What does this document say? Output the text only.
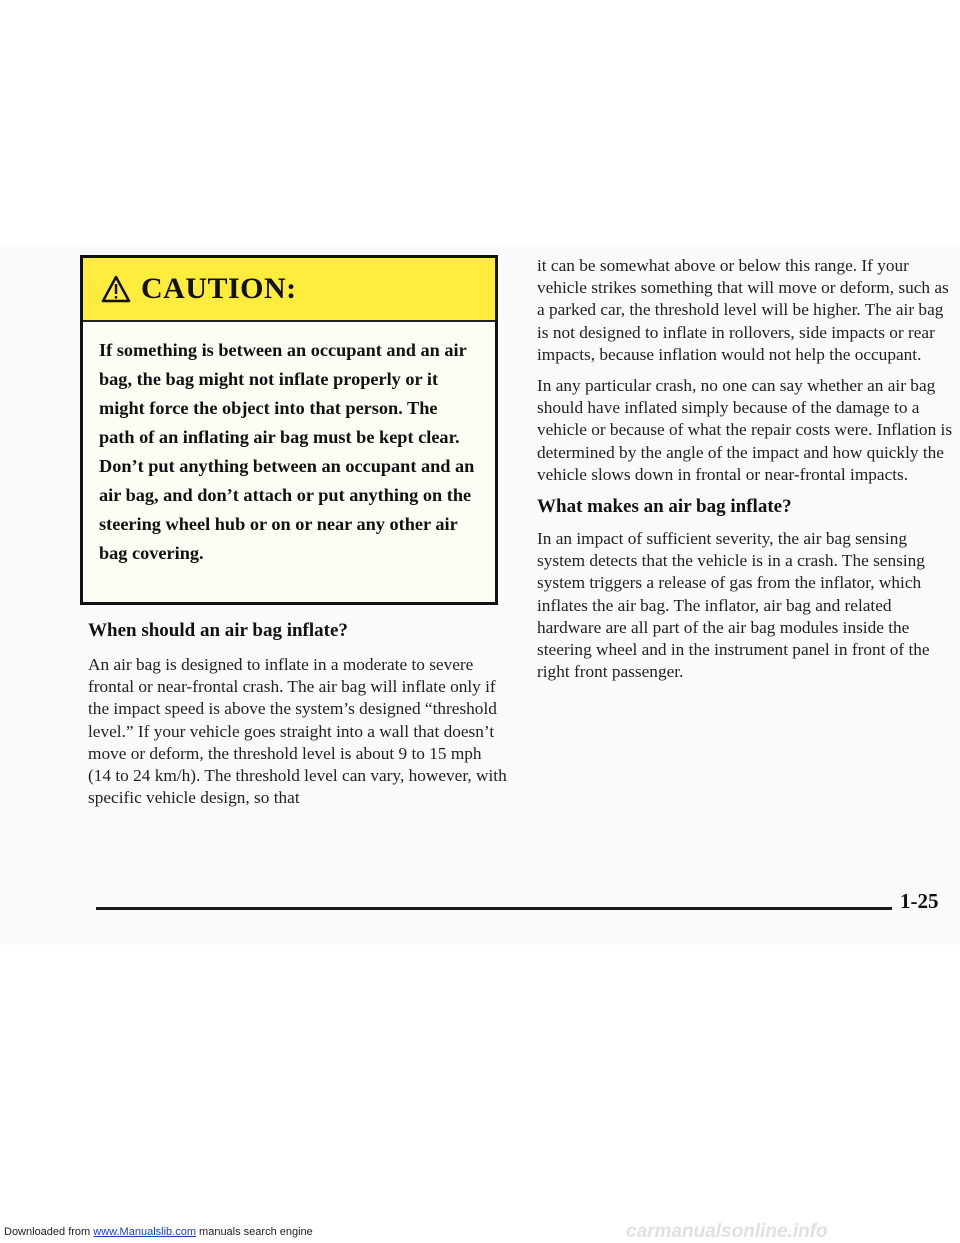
CAUTION:
If something is between an occupant and an air bag, the bag might not inflate properly or it might force the object into that person. The path of an inflating air bag must be kept clear. Don’t put anything between an occupant and an air bag, and don’t attach or put anything on the steering wheel hub or on or near any other air bag covering.
When should an air bag inflate?

An air bag is designed to inflate in a moderate to severe frontal or near-frontal crash. The air bag will inflate only if the impact speed is above the system’s designed “threshold level.” If your vehicle goes straight into a wall that doesn’t move or deform, the threshold level is about 9 to 15 mph (14 to 24 km/h). The threshold level can vary, however, with specific vehicle design, so that

it can be somewhat above or below this range. If your vehicle strikes something that will move or deform, such as a parked car, the threshold level will be higher. The air bag is not designed to inflate in rollovers, side impacts or rear impacts, because inflation would not help the occupant.

In any particular crash, no one can say whether an air bag should have inflated simply because of the damage to a vehicle or because of what the repair costs were. Inflation is determined by the angle of the impact and how quickly the vehicle slows down in frontal or near-frontal impacts.

What makes an air bag inflate?

In an impact of sufficient severity, the air bag sensing system detects that the vehicle is in a crash. The sensing system triggers a release of gas from the inflator, which inflates the air bag. The inflator, air bag and related hardware are all part of the air bag modules inside the steering wheel and in the instrument panel in front of the right front passenger.

1-25
Downloaded from www.Manualslib.com manuals search engine	carmanualsonline.info
